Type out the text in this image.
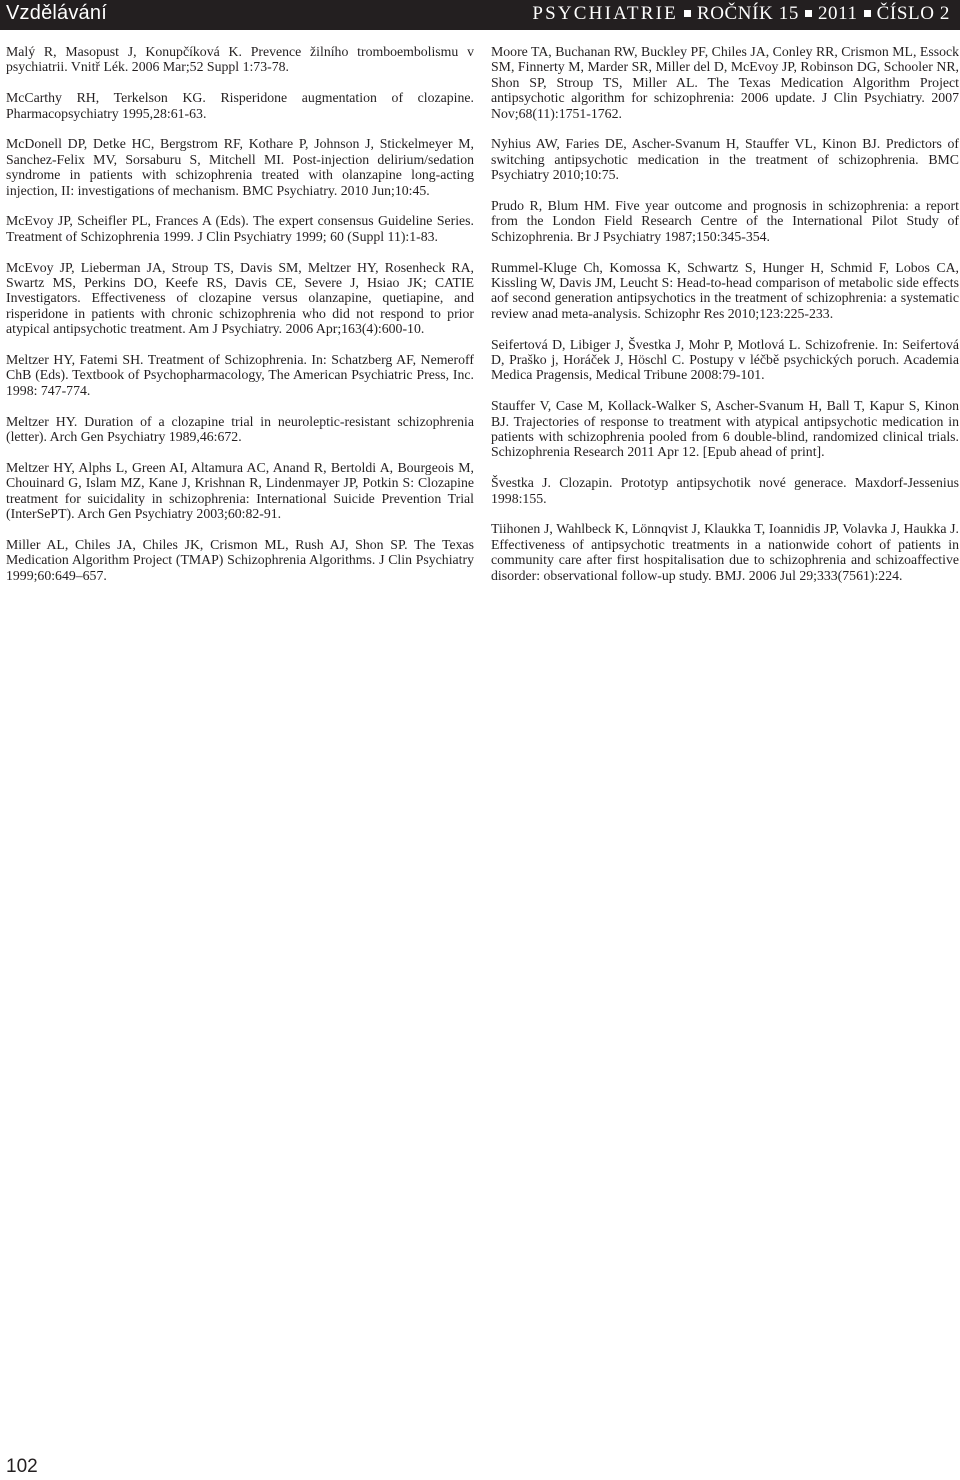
Vzdělávání	PSYCHIATRIE ROČNÍK 15 2011 ČÍSLO 2

Malý R, Masopust J, Konupčíková K. Prevence žilního tromboembolismu v psychiatrii. Vnitř Lék. 2006 Mar;52 Suppl 1:73-78.

McCarthy RH, Terkelson KG. Risperidone augmentation of clozapine. Pharmacopsychiatry 1995,28:61-63.

McDonell DP, Detke HC, Bergstrom RF, Kothare P, Johnson J, Stickelmeyer M, Sanchez-Felix MV, Sorsaburu S, Mitchell MI. Post-injection delirium/sedation syndrome in patients with schizophrenia treated with olanzapine long-acting injection, II: investigations of mechanism. BMC Psychiatry. 2010 Jun;10:45.

McEvoy JP, Scheifler PL, Frances A (Eds). The expert consensus Guideline Series. Treatment of Schizophrenia 1999. J Clin Psychiatry 1999; 60 (Suppl 11):1-83.

McEvoy JP, Lieberman JA, Stroup TS, Davis SM, Meltzer HY, Rosenheck RA, Swartz MS, Perkins DO, Keefe RS, Davis CE, Severe J, Hsiao JK; CATIE Investigators. Effectiveness of clozapine versus olanzapine, quetiapine, and risperidone in patients with chronic schizophrenia who did not respond to prior atypical antipsychotic treatment. Am J Psychiatry. 2006 Apr;163(4):600-10.

Meltzer HY, Fatemi SH. Treatment of Schizophrenia. In: Schatzberg AF, Nemeroff ChB (Eds). Textbook of Psychopharmacology, The American Psychiatric Press, Inc. 1998: 747-774.

Meltzer HY. Duration of a clozapine trial in neuroleptic-resistant schizophrenia (letter). Arch Gen Psychiatry 1989,46:672.

Meltzer HY, Alphs L, Green AI, Altamura AC, Anand R, Bertoldi A, Bourgeois M, Chouinard G, Islam MZ, Kane J, Krishnan R, Lindenmayer JP, Potkin S: Clozapine treatment for suicidality in schizophrenia: International Suicide Prevention Trial (InterSePT). Arch Gen Psychiatry 2003;60:82-91.

Miller AL, Chiles JA, Chiles JK, Crismon ML, Rush AJ, Shon SP. The Texas Medication Algorithm Project (TMAP) Schizophrenia Algorithms. J Clin Psychiatry 1999;60:649–657.

Moore TA, Buchanan RW, Buckley PF, Chiles JA, Conley RR, Crismon ML, Essock SM, Finnerty M, Marder SR, Miller del D, McEvoy JP, Robinson DG, Schooler NR, Shon SP, Stroup TS, Miller AL. The Texas Medication Algorithm Project antipsychotic algorithm for schizophrenia: 2006 update. J Clin Psychiatry. 2007 Nov;68(11):1751-1762.

Nyhius AW, Faries DE, Ascher-Svanum H, Stauffer VL, Kinon BJ. Predictors of switching antipsychotic medication in the treatment of schizophrenia. BMC Psychiatry 2010;10:75.

Prudo R, Blum HM. Five year outcome and prognosis in schizophrenia: a report from the London Field Research Centre of the International Pilot Study of Schizophrenia. Br J Psychiatry 1987;150:345-354.

Rummel-Kluge Ch, Komossa K, Schwartz S, Hunger H, Schmid F, Lobos CA, Kissling W, Davis JM, Leucht S: Head-to-head comparison of metabolic side effects aof second generation antipsychotics in the treatment of schizophrenia: a systematic review anad meta-analysis. Schizophr Res 2010;123:225-233.

Seifertová D, Libiger J, Švestka J, Mohr P, Motlová L. Schizofrenie. In: Seifertová D, Praško j, Horáček J, Höschl C. Postupy v léčbě psychických poruch. Academia Medica Pragensis, Medical Tribune 2008:79-101.

Stauffer V, Case M, Kollack-Walker S, Ascher-Svanum H, Ball T, Kapur S, Kinon BJ. Trajectories of response to treatment with atypical antipsychotic medication in patients with schizophrenia pooled from 6 double-blind, randomized clinical trials. Schizophrenia Research 2011 Apr 12. [Epub ahead of print].

Švestka J. Clozapin. Prototyp antipsychotik nové generace. Maxdorf-Jessenius 1998:155.

Tiihonen J, Wahlbeck K, Lönnqvist J, Klaukka T, Ioannidis JP, Volavka J, Haukka J. Effectiveness of antipsychotic treatments in a nationwide cohort of patients in community care after first hospitalisation due to schizophrenia and schizoaffective disorder: observational follow-up study. BMJ. 2006 Jul 29;333(7561):224.

102
